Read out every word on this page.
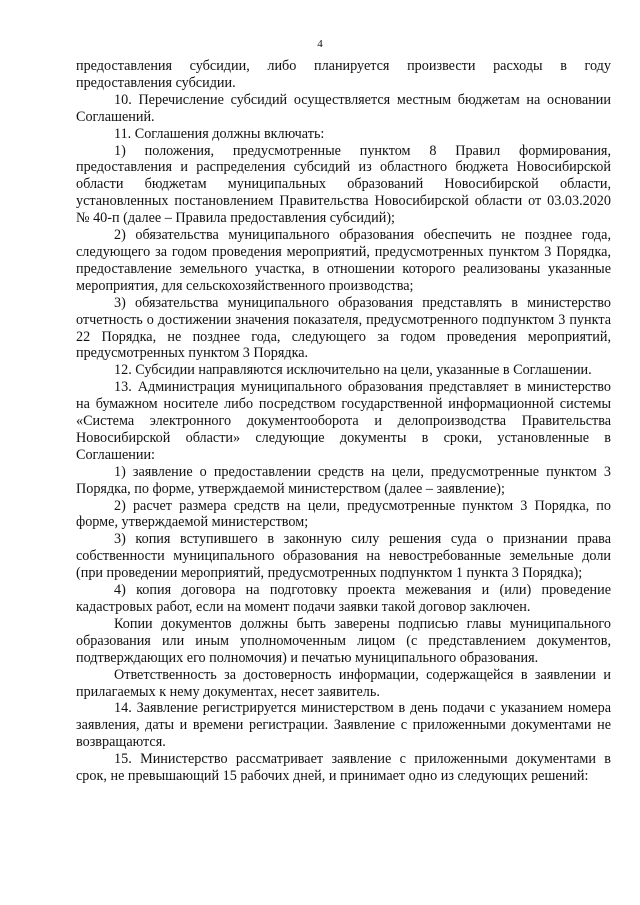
4

предоставления субсидии, либо планируется произвести расходы в году предоставления субсидии.

10. Перечисление субсидий осуществляется местным бюджетам на основании Соглашений.

11. Соглашения должны включать:

1) положения, предусмотренные пунктом 8 Правил формирования, предоставления и распределения субсидий из областного бюджета Новосибирской области бюджетам муниципальных образований Новосибирской области, установленных постановлением Правительства Новосибирской области от 03.03.2020 № 40-п (далее – Правила предоставления субсидий);

2) обязательства муниципального образования обеспечить не позднее года, следующего за годом проведения мероприятий, предусмотренных пунктом 3 Порядка, предоставление земельного участка, в отношении которого реализованы указанные мероприятия, для сельскохозяйственного производства;

3) обязательства муниципального образования представлять в министерство отчетность о достижении значения показателя, предусмотренного подпунктом 3 пункта 22 Порядка, не позднее года, следующего за годом проведения мероприятий, предусмотренных пунктом 3 Порядка.

12. Субсидии направляются исключительно на цели, указанные в Соглашении.

13. Администрация муниципального образования представляет в министерство на бумажном носителе либо посредством государственной информационной системы «Система электронного документооборота и делопроизводства Правительства Новосибирской области» следующие документы в сроки, установленные в Соглашении:

1) заявление о предоставлении средств на цели, предусмотренные пунктом 3 Порядка, по форме, утверждаемой министерством (далее – заявление);

2) расчет размера средств на цели, предусмотренные пунктом 3 Порядка, по форме, утверждаемой министерством;

3) копия вступившего в законную силу решения суда о признании права собственности муниципального образования на невостребованные земельные доли (при проведении мероприятий, предусмотренных подпунктом 1 пункта 3 Порядка);

4) копия договора на подготовку проекта межевания и (или) проведение кадастровых работ, если на момент подачи заявки такой договор заключен.

Копии документов должны быть заверены подписью главы муниципального образования или иным уполномоченным лицом (с представлением документов, подтверждающих его полномочия) и печатью муниципального образования.

Ответственность за достоверность информации, содержащейся в заявлении и прилагаемых к нему документах, несет заявитель.

14. Заявление регистрируется министерством в день подачи с указанием номера заявления, даты и времени регистрации. Заявление с приложенными документами не возвращаются.

15. Министерство рассматривает заявление с приложенными документами в срок, не превышающий 15 рабочих дней, и принимает одно из следующих решений:
